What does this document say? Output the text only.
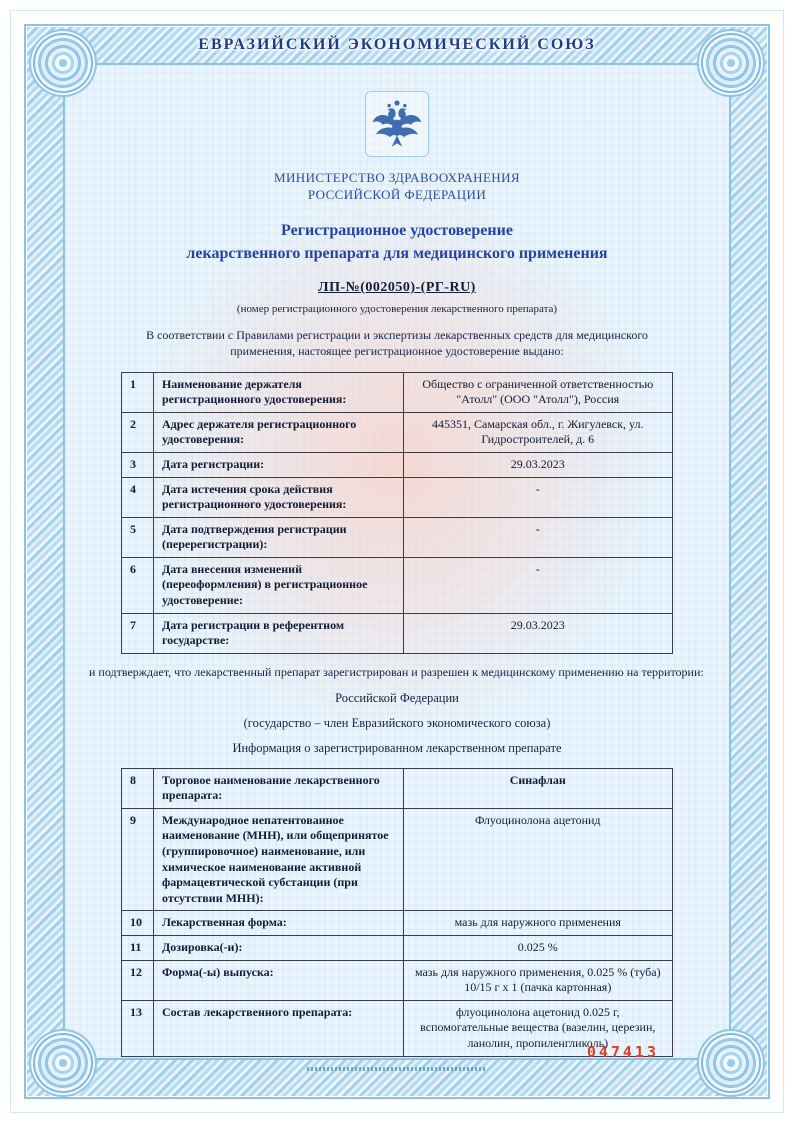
ЕВРАЗИЙСКИЙ ЭКОНОМИЧЕСКИЙ СОЮЗ
МИНИСТЕРСТВО ЗДРАВООХРАНЕНИЯ
РОССИЙСКОЙ ФЕДЕРАЦИИ
Регистрационное удостоверение
лекарственного препарата для медицинского применения
ЛП-№(002050)-(РГ-RU)
(номер регистрационного удостоверения лекарственного препарата)
В соответствии с Правилами регистрации и экспертизы лекарственных средств для медицинского применения, настоящее регистрационное удостоверение выдано:
1	Наименование держателя регистрационного удостоверения:	Общество с ограниченной ответственностью "Атолл" (ООО "Атолл"), Россия
2	Адрес держателя регистрационного удостоверения:	445351, Самарская обл., г. Жигулевск, ул. Гидростроителей, д. 6
3	Дата регистрации:	29.03.2023
4	Дата истечения срока действия регистрационного удостоверения:	-
5	Дата подтверждения регистрации (перерегистрации):	-
6	Дата внесения изменений (переоформления) в регистрационное удостоверение:	-
7	Дата регистрации в референтном государстве:	29.03.2023
и подтверждает, что лекарственный препарат зарегистрирован и разрешен к медицинскому применению на территории:
Российской Федерации
(государство – член Евразийского экономического союза)
Информация о зарегистрированном лекарственном препарате
8	Торговое наименование лекарственного препарата:	Синафлан
9	Международное непатентованное наименование (МНН), или общепринятое (группировочное) наименование, или химическое наименование активной фармацевтической субстанции (при отсутствии МНН):	Флуоцинолона ацетонид
10	Лекарственная форма:	мазь для наружного применения
11	Дозировка(-и):	0.025 %
12	Форма(-ы) выпуска:	мазь для наружного применения, 0.025 % (туба) 10/15 г х 1 (пачка картонная)
13	Состав лекарственного препарата:	флуоцинолона ацетонид 0.025 г, вспомогательные вещества (вазелин, церезин, ланолин, пропиленгликоль)
047413
